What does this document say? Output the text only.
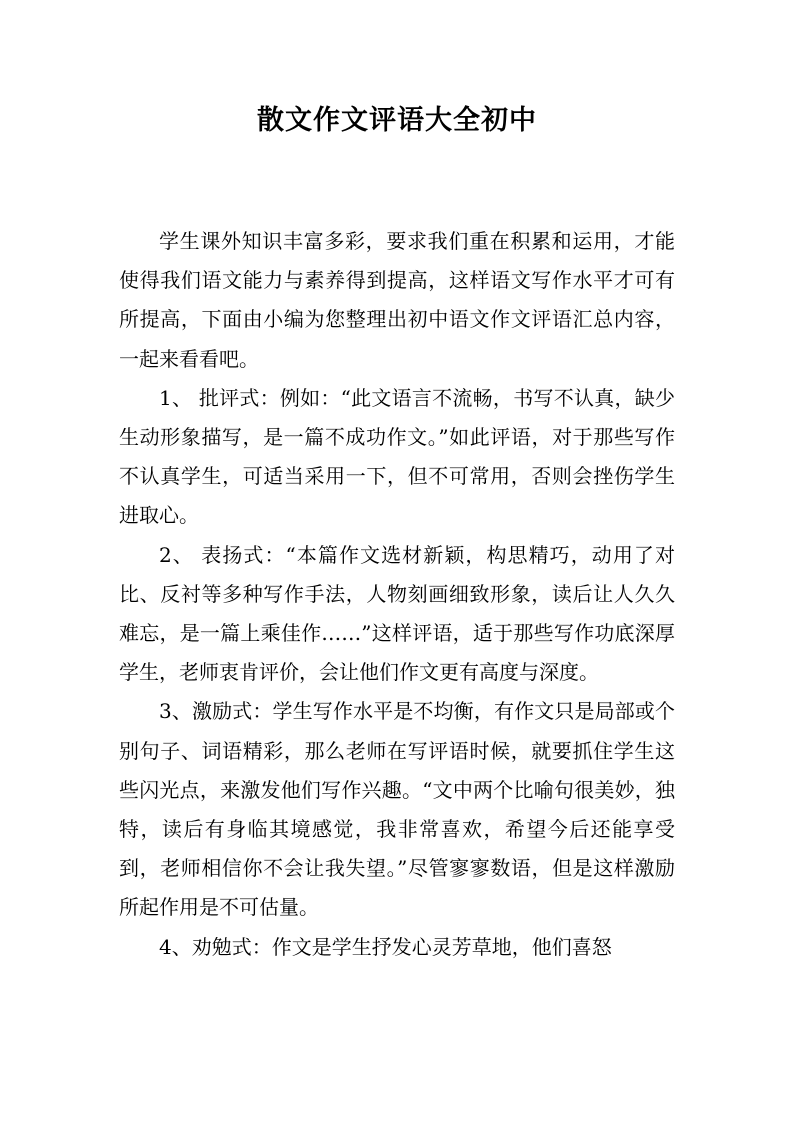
散文作文评语大全初中

学生课外知识丰富多彩，要求我们重在积累和运用，才能使得我们语文能力与素养得到提高，这样语文写作水平才可有所提高，下面由小编为您整理出初中语文作文评语汇总内容，一起来看看吧。

1、 批评式：例如：“此文语言不流畅，书写不认真，缺少生动形象描写，是一篇不成功作文。”如此评语，对于那些写作不认真学生，可适当采用一下，但不可常用，否则会挫伤学生进取心。

2、 表扬式：“本篇作文选材新颖，构思精巧，动用了对比、反衬等多种写作手法，人物刻画细致形象，读后让人久久难忘，是一篇上乘佳作……”这样评语，适于那些写作功底深厚学生，老师衷肯评价，会让他们作文更有高度与深度。

3、激励式：学生写作水平是不均衡，有作文只是局部或个别句子、词语精彩，那么老师在写评语时候，就要抓住学生这些闪光点，来激发他们写作兴趣。“文中两个比喻句很美妙，独特，读后有身临其境感觉，我非常喜欢，希望今后还能享受到，老师相信你不会让我失望。”尽管寥寥数语，但是这样激励所起作用是不可估量。

4、劝勉式：作文是学生抒发心灵芳草地，他们喜怒
